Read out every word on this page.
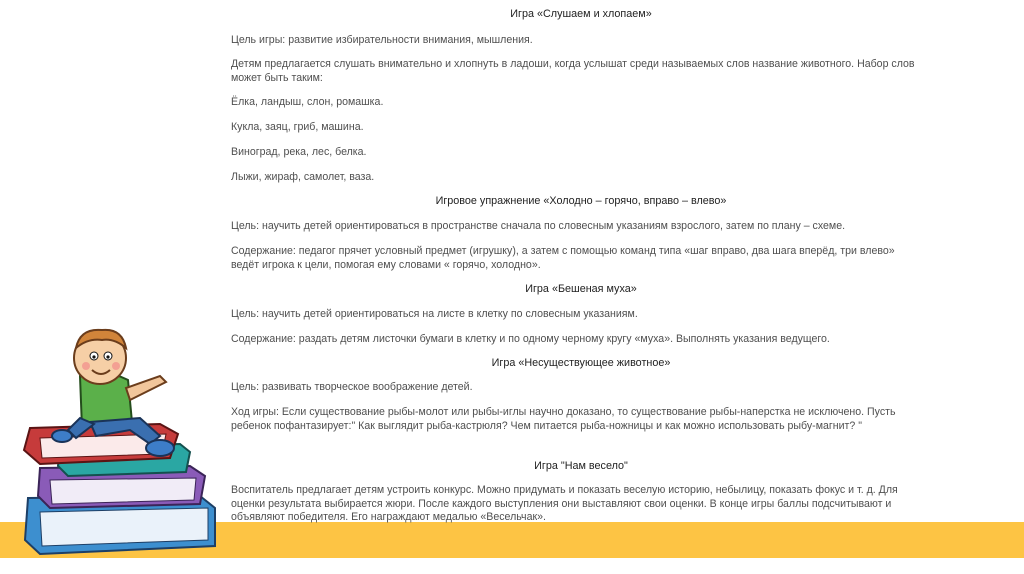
Игра «Слушаем и хлопаем»
Цель игры: развитие избирательности внимания, мышления.
Детям предлагается слушать внимательно и хлопнуть в ладоши, когда услышат среди называемых слов название животного. Набор слов может быть таким:
Ёлка, ландыш, слон, ромашка.
Кукла, заяц, гриб, машина.
Виноград, река, лес, белка.
Лыжи, жираф, самолет, ваза.
Игровое упражнение «Холодно – горячо, вправо – влево»
Цель: научить детей ориентироваться в пространстве сначала по словесным указаниям взрослого, затем по плану – схеме.
Содержание: педагог прячет условный предмет (игрушку), а затем с помощью команд типа «шаг вправо, два шага вперёд, три влево» ведёт игрока к цели, помогая ему словами « горячо, холодно».
Игра «Бешеная муха»
Цель: научить детей ориентироваться на листе в клетку по словесным указаниям.
Содержание: раздать детям листочки бумаги в клетку и по одному черному кругу «муха». Выполнять указания ведущего.
Игра «Несуществующее животное»
Цель: развивать творческое воображение детей.
Ход игры: Если существование рыбы-молот или рыбы-иглы научно доказано, то существование рыбы-наперстка не исключено. Пусть ребенок пофантазирует:" Как выглядит рыба-кастрюля? Чем питается рыба-ножницы и как можно использовать рыбу-магнит? "
Игра "Нам весело"
Воспитатель предлагает детям устроить конкурс. Можно придумать и показать веселую историю, небылицу, показать фокус и т. д. Для оценки результата выбирается жюри. После каждого выступления они выставляют свои оценки. В конце игры баллы подсчитывают и объявляют победителя. Его награждают медалью «Весельчак».
